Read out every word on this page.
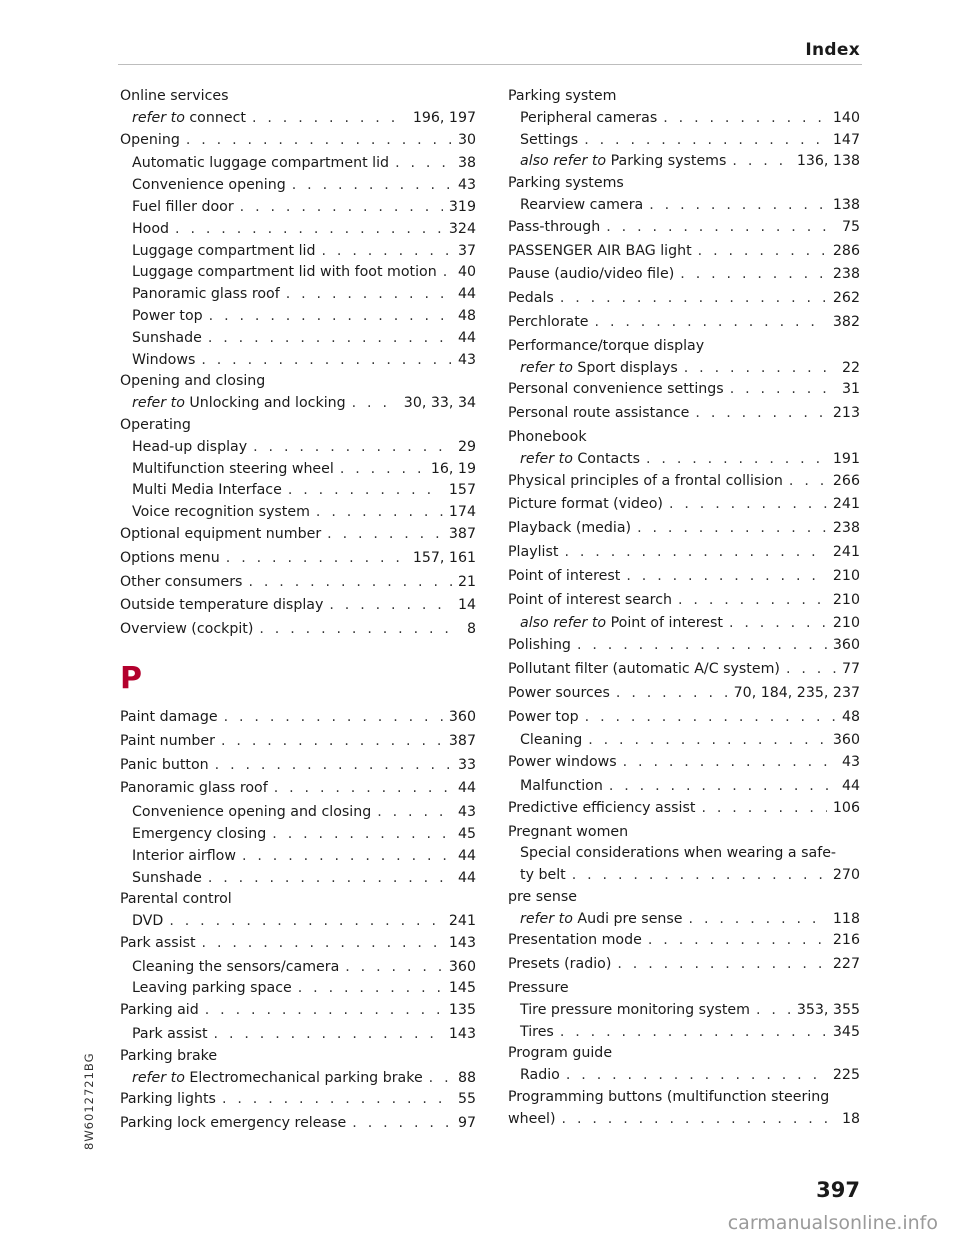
Index
Online services
refer to connect . . .	196, 197
Opening . . .	30
Automatic luggage compartment lid . . .	38
Convenience opening . . .	43
Fuel filler door . . .	319
Hood . . .	324
Luggage compartment lid . . .	37
Luggage compartment lid with foot motion . . . 40
Panoramic glass roof . . .	44
Power top . . .	48
Sunshade . . .	44
Windows . . .	43
Opening and closing
refer to Unlocking and locking . . .	30, 33, 34
Operating
Head-up display . . .	29
Multifunction steering wheel . . .	16, 19
Multi Media Interface . . .	157
Voice recognition system . . .	174
Optional equipment number . . .	387
Options menu . . .	157, 161
Other consumers . . .	21
Outside temperature display . . .	14
Overview (cockpit) . . .	8
P
Paint damage . . .	360
Paint number . . .	387
Panic button . . .	33
Panoramic glass roof . . .	44
Convenience opening and closing . . .	43
Emergency closing . . .	45
Interior airflow . . .	44
Sunshade . . .	44
Parental control
DVD . . .	241
Park assist . . .	143
Cleaning the sensors/camera . . .	360
Leaving parking space . . .	145
Parking aid . . .	135
Park assist . . .	143
Parking brake
refer to Electromechanical parking brake . . . 88
Parking lights . . .	55
Parking lock emergency release . . .	97
Parking system
Peripheral cameras . . .	140
Settings . . .	147
also refer to Parking systems . . .	136, 138
Parking systems
Rearview camera . . .	138
Pass-through . . .	75
PASSENGER AIR BAG light . . .	286
Pause (audio/video file) . . .	238
Pedals . . .	262
Perchlorate . . .	382
Performance/torque display
refer to Sport displays . . .	22
Personal convenience settings . . .	31
Personal route assistance . . .	213
Phonebook
refer to Contacts . . .	191
Physical principles of a frontal collision . . .	266
Picture format (video) . . .	241
Playback (media) . . .	238
Playlist . . .	241
Point of interest . . .	210
Point of interest search . . .	210
also refer to Point of interest . . .	210
Polishing . . .	360
Pollutant filter (automatic A/C system) . . .	77
Power sources . . .	70, 184, 235, 237
Power top . . .	48
Cleaning . . .	360
Power windows . . .	43
Malfunction . . .	44
Predictive efficiency assist . . .	106
Pregnant women
Special considerations when wearing a safe-
ty belt . . .	270
pre sense
refer to Audi pre sense . . .	118
Presentation mode . . .	216
Presets (radio) . . .	227
Pressure
Tire pressure monitoring system . . .	353, 355
Tires . . .	345
Program guide
Radio . . .	225
Programming buttons (multifunction steering
wheel) . . .	18
397
8W6012721BG
carmanualsonline.info
